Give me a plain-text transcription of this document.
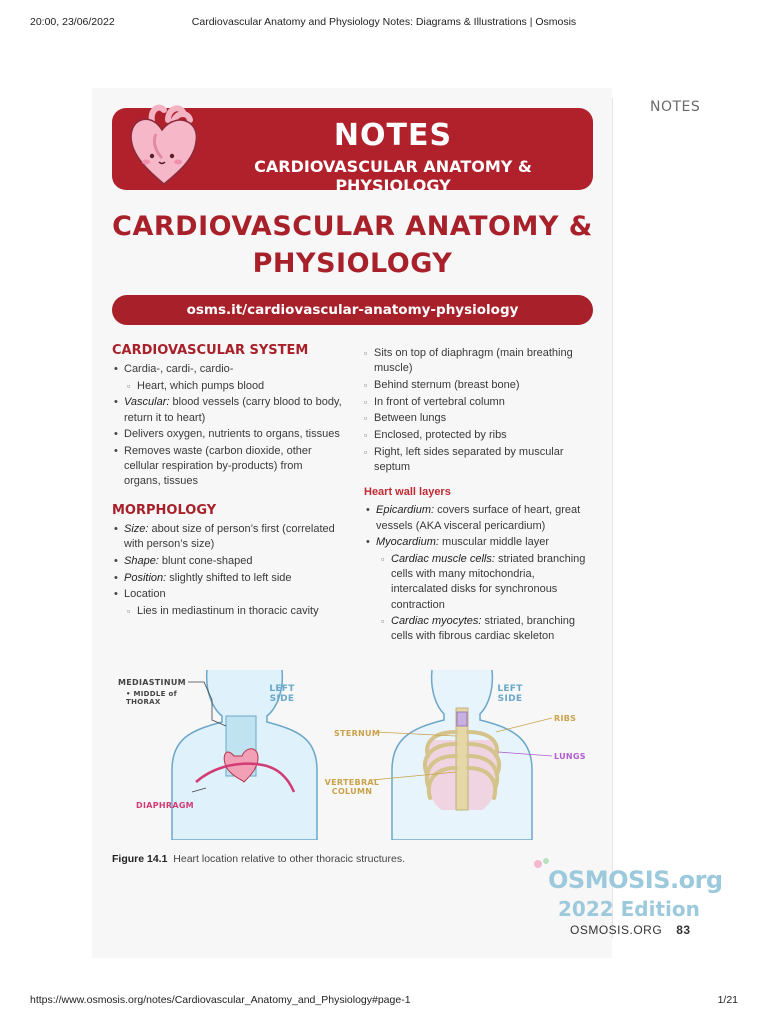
20:00, 23/06/2022	Cardiovascular Anatomy and Physiology Notes: Diagrams & Illustrations | Osmosis
NOTES
NOTES
CARDIOVASCULAR ANATOMY & PHYSIOLOGY
CARDIOVASCULAR ANATOMY &
PHYSIOLOGY
osms.it/cardiovascular-anatomy-physiology
CARDIOVASCULAR SYSTEM
• Cardia-, cardi-, cardio-
▫ Heart, which pumps blood
• Vascular: blood vessels (carry blood to body, return it to heart)
• Delivers oxygen, nutrients to organs, tissues
• Removes waste (carbon dioxide, other cellular respiration by-products) from organs, tissues
MORPHOLOGY
• Size: about size of person’s first (correlated with person’s size)
• Shape: blunt cone-shaped
• Position: slightly shifted to left side
• Location
▫ Lies in mediastinum in thoracic cavity
▫ Sits on top of diaphragm (main breathing muscle)
▫ Behind sternum (breast bone)
▫ In front of vertebral column
▫ Between lungs
▫ Enclosed, protected by ribs
▫ Right, left sides separated by muscular septum
Heart wall layers
• Epicardium: covers surface of heart, great vessels (AKA visceral pericardium)
• Myocardium: muscular middle layer
▫ Cardiac muscle cells: striated branching cells with many mitochondria, intercalated disks for synchronous contraction
▫ Cardiac myocytes: striated, branching cells with fibrous cardiac skeleton
MEDIASTINUM
• MIDDLE of THORAX
LEFT SIDE
DIAPHRAGM
LEFT SIDE
STERNUM
RIBS
LUNGS
VERTEBRAL COLUMN
Figure 14.1 Heart location relative to other thoracic structures.
OSMOSIS.org
2022 Edition
OSMOSIS.ORG 83
https://www.osmosis.org/notes/Cardiovascular_Anatomy_and_Physiology#page-1	1/21
